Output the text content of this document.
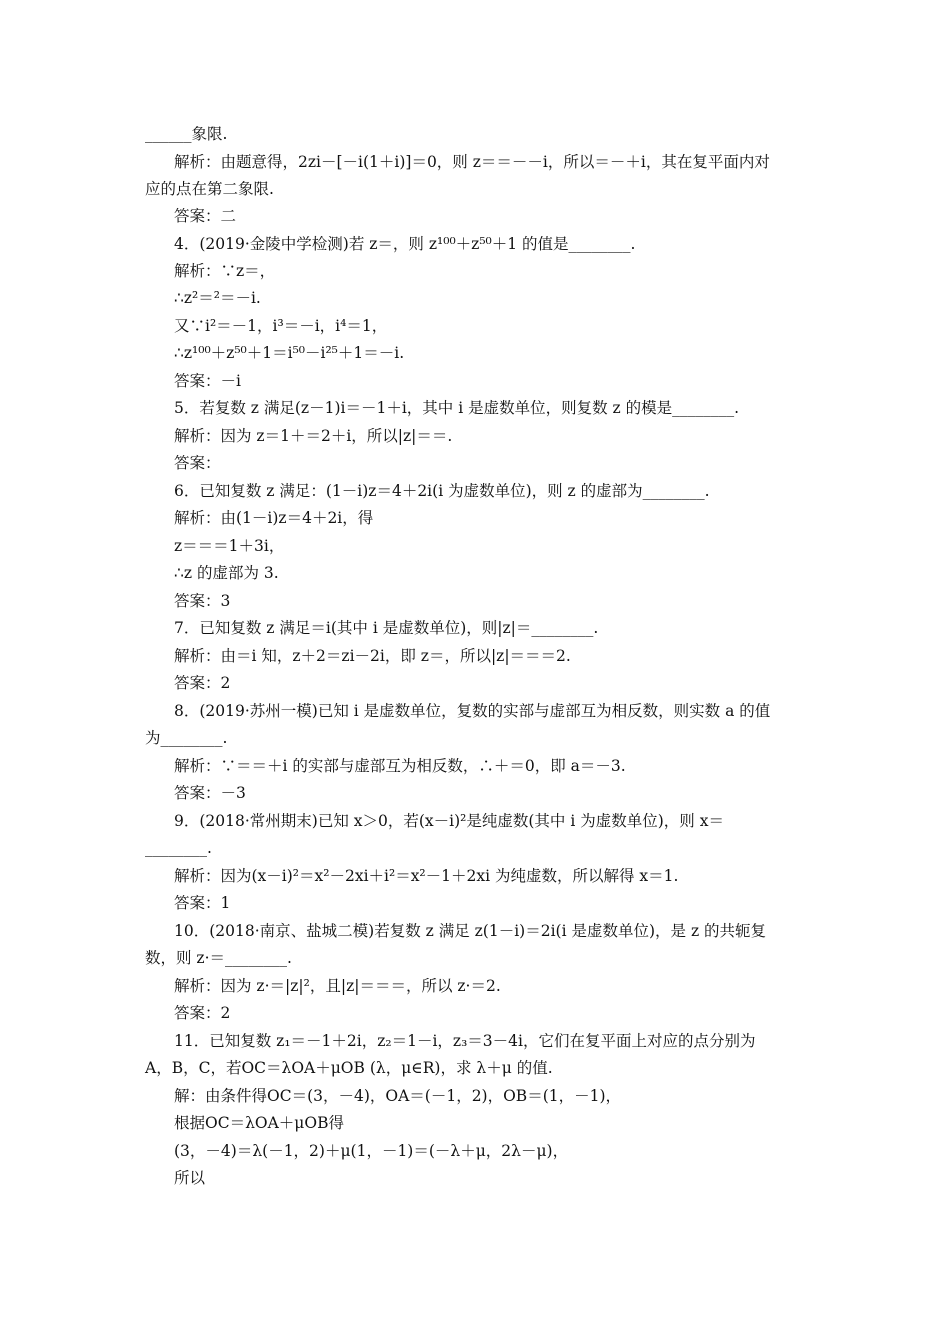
______象限.
解析：由题意得，2zi－[－i(1＋i)]＝0，则 z＝＝－－i，所以＝－＋i，其在复平面内对
应的点在第二象限.
答案：二
4．(2019·金陵中学检测)若 z＝，则 z¹⁰⁰＋z⁵⁰＋1 的值是________.
解析：∵z＝，
∴z²＝²＝－i.
又∵i²＝－1，i³＝－i，i⁴＝1，
∴z¹⁰⁰＋z⁵⁰＋1＝i⁵⁰－i²⁵＋1＝－i.
答案：－i
5．若复数 z 满足(z－1)i＝－1＋i，其中 i 是虚数单位，则复数 z 的模是________.
解析：因为 z＝1＋＝2＋i，所以|z|＝＝.
答案：
6．已知复数 z 满足：(1－i)z＝4＋2i(i 为虚数单位)，则 z 的虚部为________.
解析：由(1－i)z＝4＋2i，得
z＝＝＝1＋3i，
∴z 的虚部为 3.
答案：3
7．已知复数 z 满足＝i(其中 i 是虚数单位)，则|z|＝________.
解析：由＝i 知，z＋2＝zi－2i，即 z＝，所以|z|＝＝＝2.
答案：2
8．(2019·苏州一模)已知 i 是虚数单位，复数的实部与虚部互为相反数，则实数 a 的值
为________.
解析：∵＝＝＋i 的实部与虚部互为相反数，∴＋＝0，即 a＝－3.
答案：－3
9．(2018·常州期末)已知 x＞0，若(x－i)²是纯虚数(其中 i 为虚数单位)，则 x＝
________.
解析：因为(x－i)²＝x²－2xi＋i²＝x²－1＋2xi 为纯虚数，所以解得 x＝1.
答案：1
10．(2018·南京、盐城二模)若复数 z 满足 z(1－i)＝2i(i 是虚数单位)，是 z 的共轭复
数，则 z·＝________.
解析：因为 z·＝|z|²，且|z|＝＝＝，所以 z·＝2.
答案：2
11．已知复数 z₁＝－1＋2i，z₂＝1－i，z₃＝3－4i，它们在复平面上对应的点分别为
A，B，C，若OC＝λOA＋μOB (λ，μ∈R)，求 λ＋μ 的值.
解：由条件得OC＝(3，－4)，OA＝(－1，2)，OB＝(1，－1)，
根据OC＝λOA＋μOB得
(3，－4)＝λ(－1，2)＋μ(1，－1)＝(－λ＋μ，2λ－μ)，
所以
